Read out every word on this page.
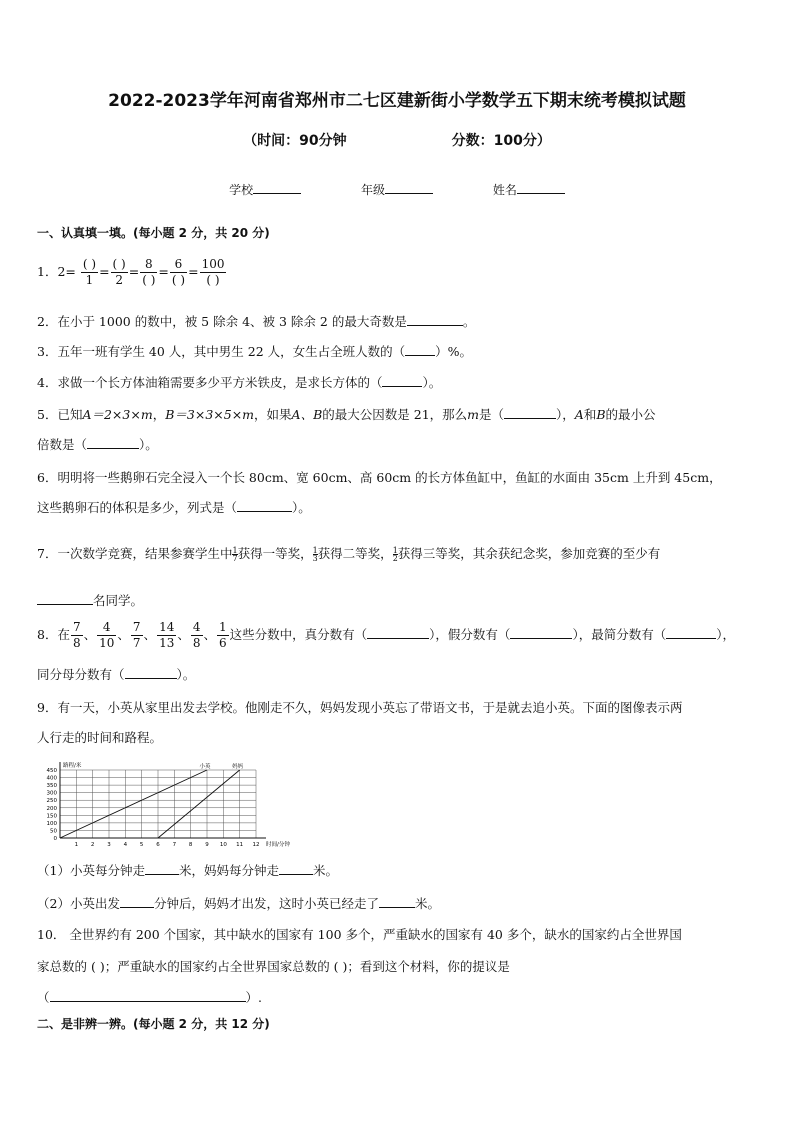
2022-2023学年河南省郑州市二七区建新街小学数学五下期末统考模拟试题
（时间：90分钟	分数：100分）
学校	年级	姓名
一、认真填一填。(每小题 2 分，共 20 分)
1．$2= \frac{( )}{1} = \frac{( )}{2} = \frac{8}{( )} = \frac{6}{( )} = \frac{100}{( )}$
2．在小于 1000 的数中，被 5 除余 4、被 3 除余 2 的最大奇数是	。
3．五年一班有学生 40 人，其中男生 22 人，女生占全班人数的（ ）%。
4．求做一个长方体油箱需要多少平方米铁皮，是求长方体的（	）。
5．已知A＝2×3×m，B＝3×3×5×m，如果A、B的最大公因数是 21，那么m是（	），A和B的最小公
倍数是（	）。
6．明明将一些鹅卵石完全浸入一个长 80cm、宽 60cm、高 60cm 的长方体鱼缸中，鱼缸的水面由 35cm 上升到 45cm，
这些鹅卵石的体积是多少，列式是（	）。
7．一次数学竞赛，结果参赛学生中 $\frac{1}{7}$ 获得一等奖， $\frac{1}{3}$ 获得二等奖， $\frac{1}{2}$ 获得三等奖，其余获纪念奖，参加竞赛的至少有
名同学。
8．在 $\frac{7}{8}$ 、 $\frac{4}{10}$ 、 $\frac{7}{7}$ 、 $\frac{14}{13}$ 、 $\frac{4}{8}$ 、 $\frac{1}{6}$ 这些分数中，真分数有（	），假分数有（	），最简分数有（	），
同分母分数有（	）。
9．有一天，小英从家里出发去学校。他刚走不久，妈妈发现小英忘了带语文书，于是就去追小英。下面的图像表示两
人行走的时间和路程。
0
50
100
150
200
250
300
350
400
450
1 2 3 4 5 6 7 8 9 10 11 12
路程/米
时间/分钟
小英	妈妈
（1）小英每分钟走	米，妈妈每分钟走	米。
（2）小英出发	分钟后，妈妈才出发，这时小英已经走了	米。
10． 全世界约有 200 个国家，其中缺水的国家有 100 多个，严重缺水的国家有 40 多个，缺水的国家约占全世界国
家总数的 ( )；严重缺水的国家约占全世界国家总数的 ( )；看到这个材料，你的提议是
（	）.
二、是非辨一辨。(每小题 2 分，共 12 分)
